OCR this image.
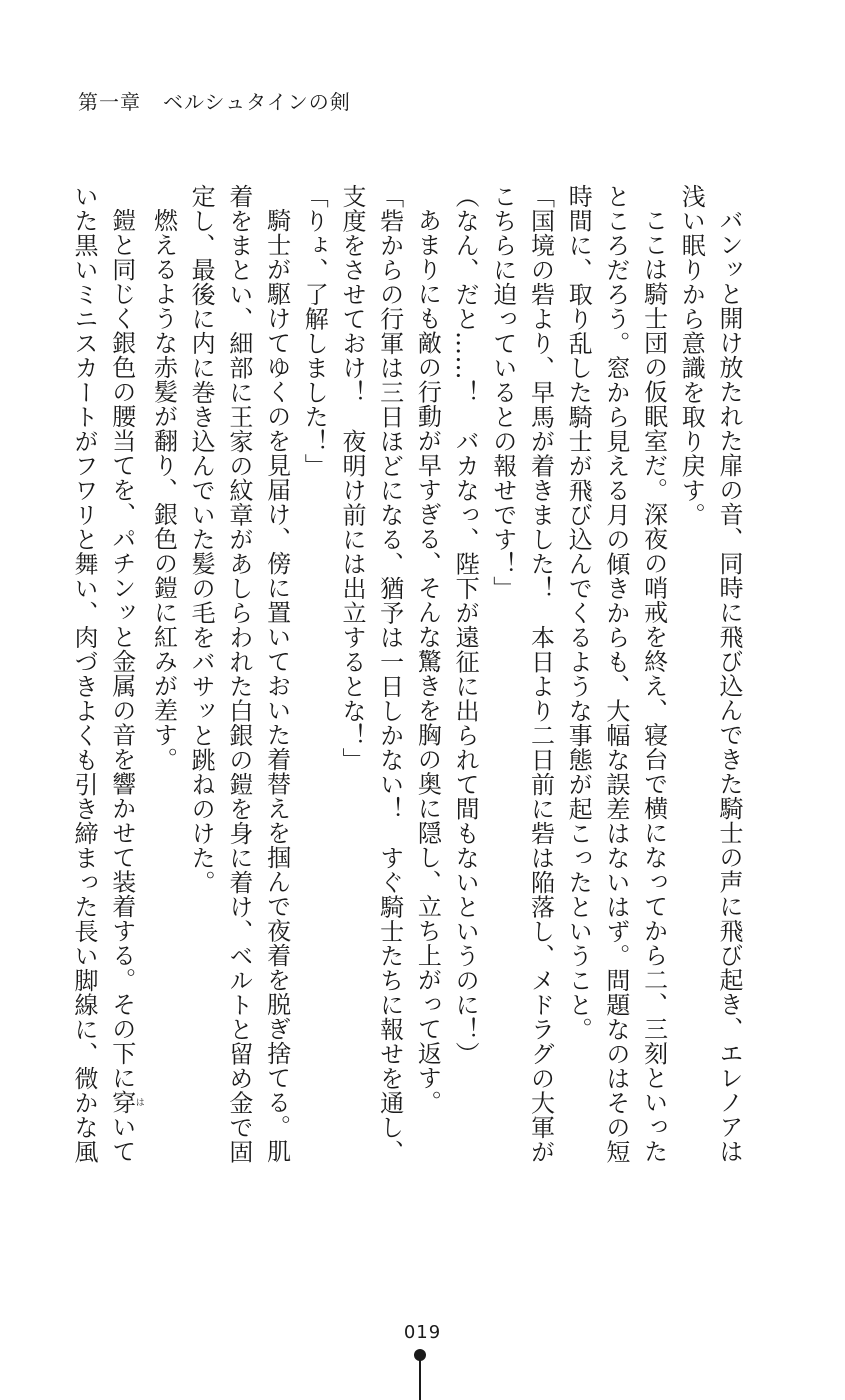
第一章 ベルシュタインの剣
バンッと開け放たれた扉の音、同時に飛び込んできた騎士の声に飛び起き、エレノアは
浅い眠りから意識を取り戻す。
ここは騎士団の仮眠室だ。深夜の哨戒を終え、寝台で横になってから二、三刻といった
ところだろう。窓から見える月の傾きからも、大幅な誤差はないはず。問題なのはその短
時間に、取り乱した騎士が飛び込んでくるような事態が起こったということ。
「国境の砦より、早馬が着きました！　本日より二日前に砦は陥落し、メドラグの大軍が
こちらに迫っているとの報せです！」
（なん、だと……！　バカなっ、陛下が遠征に出られて間もないというのに！）
あまりにも敵の行動が早すぎる、そんな驚きを胸の奥に隠し、立ち上がって返す。
「砦からの行軍は三日ほどになる、猶予は一日しかない！　すぐ騎士たちに報せを通し、
支度をさせておけ！　夜明け前には出立するとな！」
「りょ、了解しました！」
騎士が駆けてゆくのを見届け、傍に置いておいた着替えを掴んで夜着を脱ぎ捨てる。肌
着をまとい、細部に王家の紋章があしらわれた白銀の鎧を身に着け、ベルトと留め金で固
定し、最後に内に巻き込んでいた髪の毛をバサッと跳ねのけた。
燃えるような赤髪が翻り、銀色の鎧に紅みが差す。
鎧と同じく銀色の腰当てを、パチンッと金属の音を響かせて装着する。その下に穿はいて
いた黒いミニスカートがフワリと舞い、肉づきよくも引き締まった長い脚線に、微かな風
019
